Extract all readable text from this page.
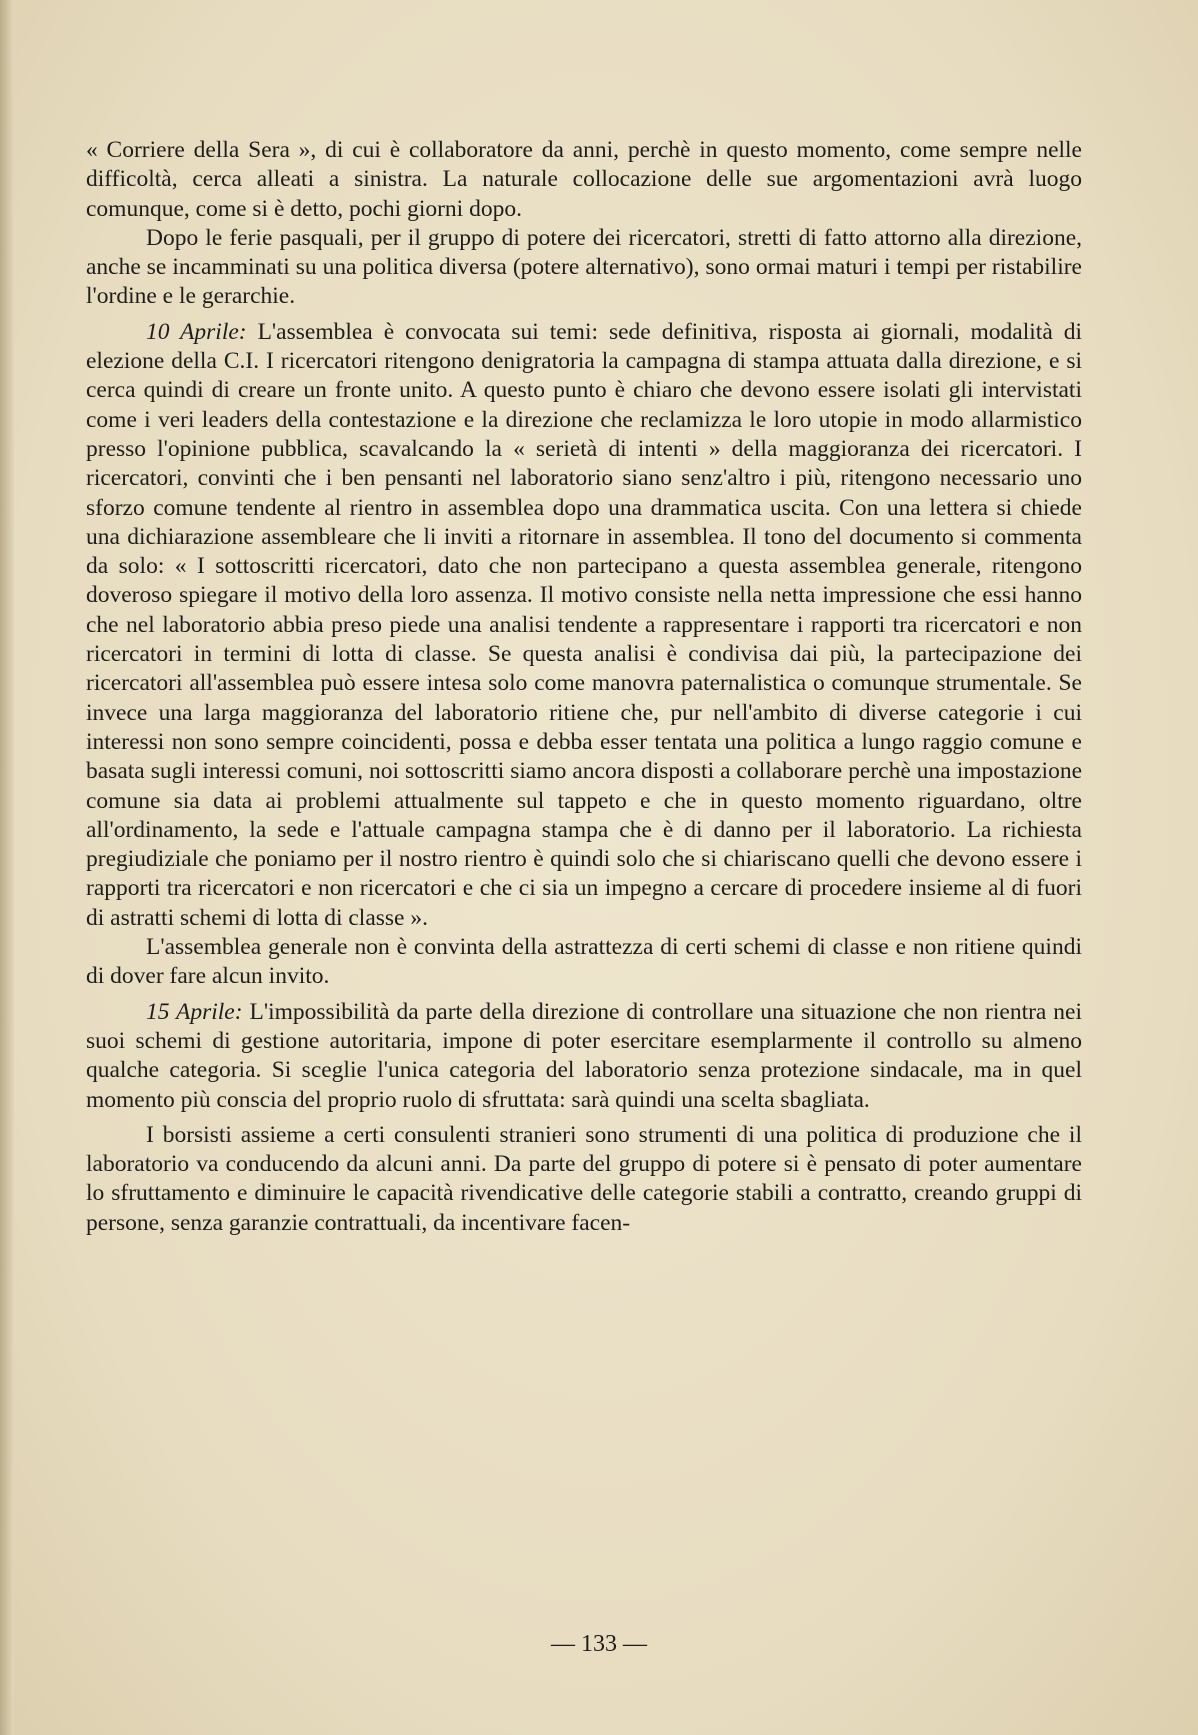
« Corriere della Sera », di cui è collaboratore da anni, perchè in questo momento, come sempre nelle difficoltà, cerca alleati a sinistra. La naturale collocazione delle sue argomentazioni avrà luogo comunque, come si è detto, pochi giorni dopo.

Dopo le ferie pasquali, per il gruppo di potere dei ricercatori, stretti di fatto attorno alla direzione, anche se incamminati su una politica diversa (potere alternativo), sono ormai maturi i tempi per ristabilire l'ordine e le gerarchie.

10 Aprile: L'assemblea è convocata sui temi: sede definitiva, risposta ai giornali, modalità di elezione della C.I. I ricercatori ritengono denigratoria la campagna di stampa attuata dalla direzione, e si cerca quindi di creare un fronte unito. A questo punto è chiaro che devono essere isolati gli intervistati come i veri leaders della contestazione e la direzione che reclamizza le loro utopie in modo allarmistico presso l'opinione pubblica, scavalcando la « serietà di intenti » della maggioranza dei ricercatori. I ricercatori, convinti che i ben pensanti nel laboratorio siano senz'altro i più, ritengono necessario uno sforzo comune tendente al rientro in assemblea dopo una drammatica uscita. Con una lettera si chiede una dichiarazione assembleare che li inviti a ritornare in assemblea. Il tono del documento si commenta da solo: « I sottoscritti ricercatori, dato che non partecipano a questa assemblea generale, ritengono doveroso spiegare il motivo della loro assenza. Il motivo consiste nella netta impressione che essi hanno che nel laboratorio abbia preso piede una analisi tendente a rappresentare i rapporti tra ricercatori e non ricercatori in termini di lotta di classe. Se questa analisi è condivisa dai più, la partecipazione dei ricercatori all'assemblea può essere intesa solo come manovra paternalistica o comunque strumentale. Se invece una larga maggioranza del laboratorio ritiene che, pur nell'ambito di diverse categorie i cui interessi non sono sempre coincidenti, possa e debba esser tentata una politica a lungo raggio comune e basata sugli interessi comuni, noi sottoscritti siamo ancora disposti a collaborare perchè una impostazione comune sia data ai problemi attualmente sul tappeto e che in questo momento riguardano, oltre all'ordinamento, la sede e l'attuale campagna stampa che è di danno per il laboratorio. La richiesta pregiudiziale che poniamo per il nostro rientro è quindi solo che si chiariscano quelli che devono essere i rapporti tra ricercatori e non ricercatori e che ci sia un impegno a cercare di procedere insieme al di fuori di astratti schemi di lotta di classe ».

L'assemblea generale non è convinta della astrattezza di certi schemi di classe e non ritiene quindi di dover fare alcun invito.

15 Aprile: L'impossibilità da parte della direzione di controllare una situazione che non rientra nei suoi schemi di gestione autoritaria, impone di poter esercitare esemplarmente il controllo su almeno qualche categoria. Si sceglie l'unica categoria del laboratorio senza protezione sindacale, ma in quel momento più conscia del proprio ruolo di sfruttata: sarà quindi una scelta sbagliata.

I borsisti assieme a certi consulenti stranieri sono strumenti di una politica di produzione che il laboratorio va conducendo da alcuni anni. Da parte del gruppo di potere si è pensato di poter aumentare lo sfruttamento e diminuire le capacità rivendicative delle categorie stabili a contratto, creando gruppi di persone, senza garanzie contrattuali, da incentivare facen-

— 133 —
